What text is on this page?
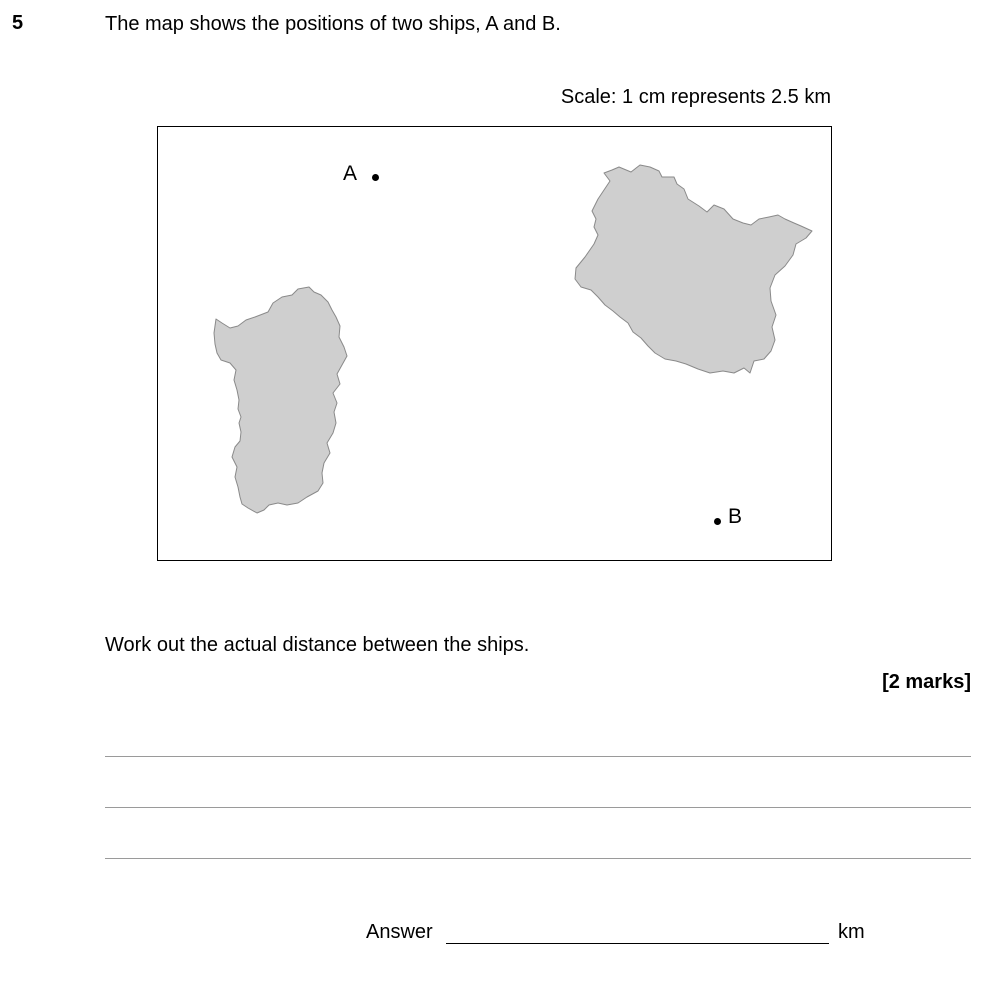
5	The map shows the positions of two ships, A and B.
Scale: 1 cm represents 2.5 km
A
B
Work out the actual distance between the ships.
[2 marks]
Answer	km
